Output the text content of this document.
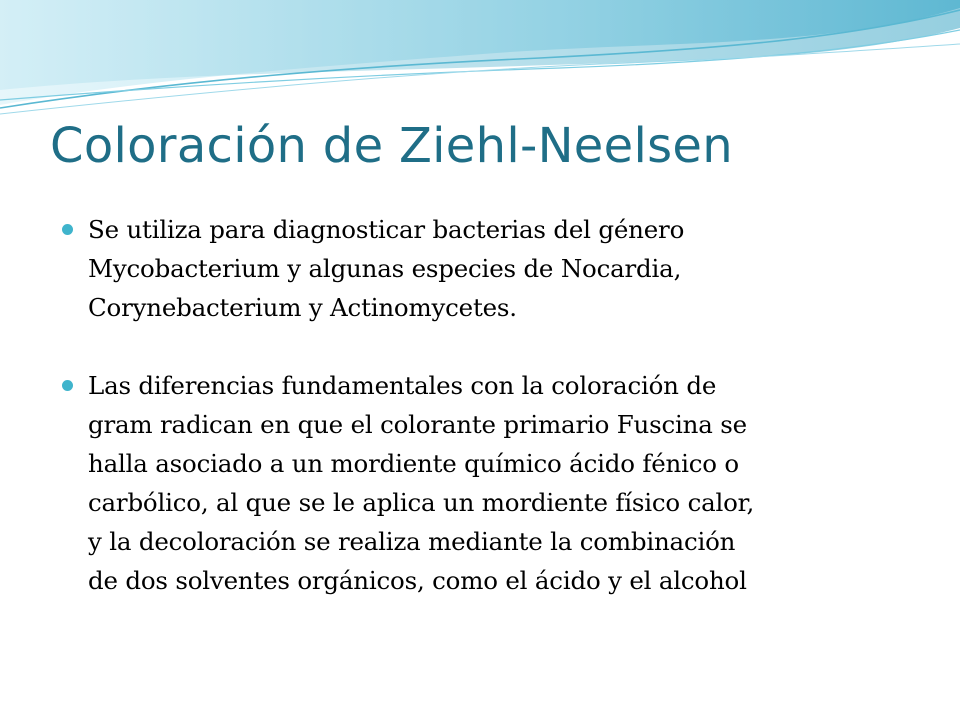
Coloración de Ziehl-Neelsen
Se utiliza para diagnosticar bacterias del género
Mycobacterium y algunas especies de Nocardia,
Corynebacterium y Actinomycetes.
Las diferencias fundamentales con la coloración de
gram radican en que el colorante primario Fuscina se
halla asociado a un mordiente químico ácido fénico o
carbólico, al que se le aplica un mordiente físico calor,
y la decoloración se realiza mediante la combinación
de dos solventes orgánicos, como el ácido y el alcohol
